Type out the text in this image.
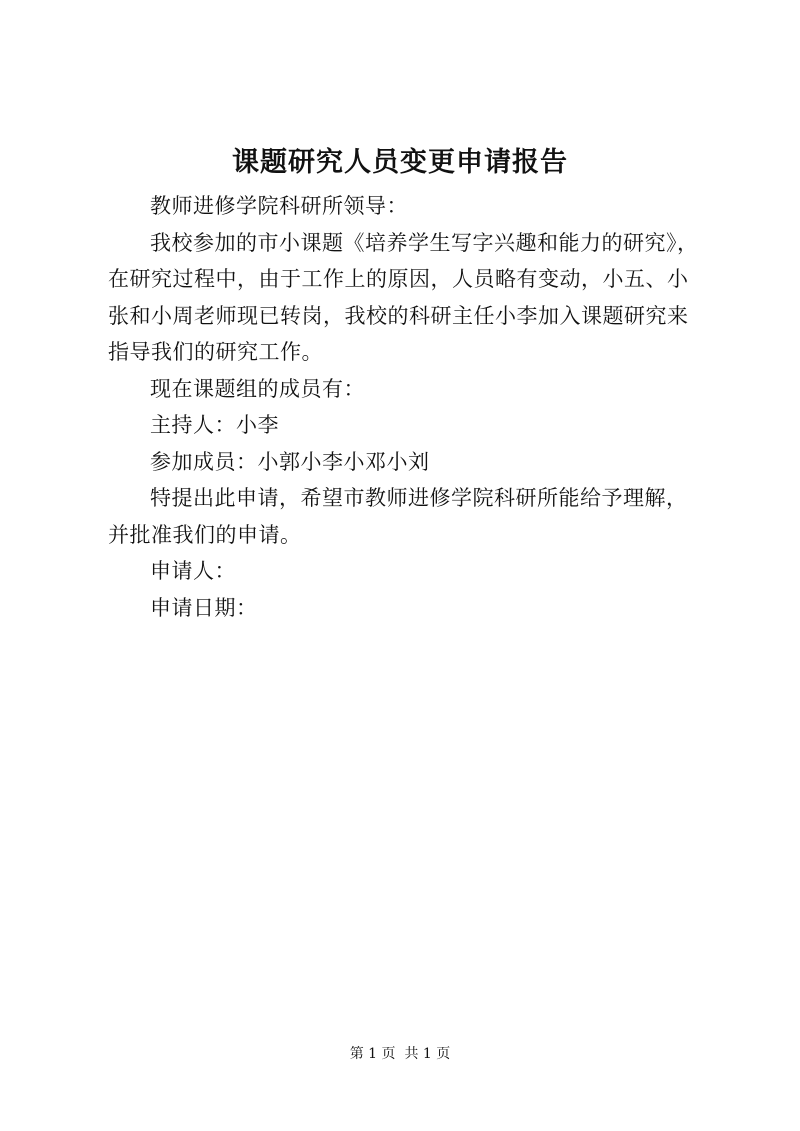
课题研究人员变更申请报告

教师进修学院科研所领导：

我校参加的市小课题《培养学生写字兴趣和能力的研究》，在研究过程中，由于工作上的原因，人员略有变动，小五、小张和小周老师现已转岗，我校的科研主任小李加入课题研究来指导我们的研究工作。

现在课题组的成员有：

主持人：小李

参加成员：小郭小李小邓小刘

特提出此申请，希望市教师进修学院科研所能给予理解，并批准我们的申请。

申请人：

申请日期：

第 1 页  共 1 页
